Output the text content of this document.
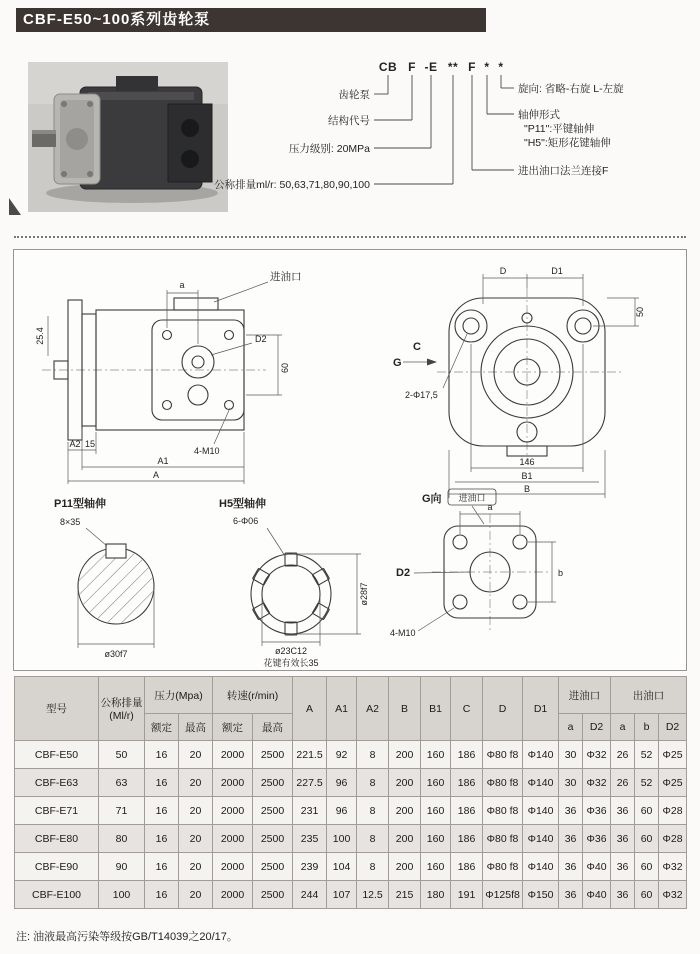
CBF-E50~100系列齿轮泵
CB F -E ** F * *
齿轮泵
结构代号
压力级别: 20MPa
公称排量ml/r: 50,63,71,80,90,100
旋向: 省略-右旋 L-左旋
轴伸形式
"P11":平键轴伸
"H5":矩形花键轴伸
进出油口法兰连接F
进油口
a
D2
60
4-M10
25.4
A2 15
A1
A
D	D1
50
2-Φ17,5
G
C
146
B1
B
P11型轴伸
8×35
ø30f7
H5型轴伸
6-Φ06
ø23C12
ø28f7
花键有效长35
G向 进油口
a
b
D2
4-M10
型号	公称排量(Ml/r)	压力(Mpa)		转速(r/min)		A	A1	A2	B	B1	C	D	D1	进油口		出油口		
		额定	最高	额定	最高									a	D2	a	b	D2
CBF-E50	50	16	20	2000	2500	221.5	92	8	200	160	186	Φ80 f8	Φ140	30	Φ32	26	52	Φ25
CBF-E63	63	16	20	2000	2500	227.5	96	8	200	160	186	Φ80 f8	Φ140	30	Φ32	26	52	Φ25
CBF-E71	71	16	20	2000	2500	231	96	8	200	160	186	Φ80 f8	Φ140	36	Φ36	36	60	Φ28
CBF-E80	80	16	20	2000	2500	235	100	8	200	160	186	Φ80 f8	Φ140	36	Φ36	36	60	Φ28
CBF-E90	90	16	20	2000	2500	239	104	8	200	160	186	Φ80 f8	Φ140	36	Φ40	36	60	Φ32
CBF-E100	100	16	20	2000	2500	244	107	12.5	215	180	191	Φ125f8	Φ150	36	Φ40	36	60	Φ32
注: 油液最高污染等级按GB/T14039之20/17。
